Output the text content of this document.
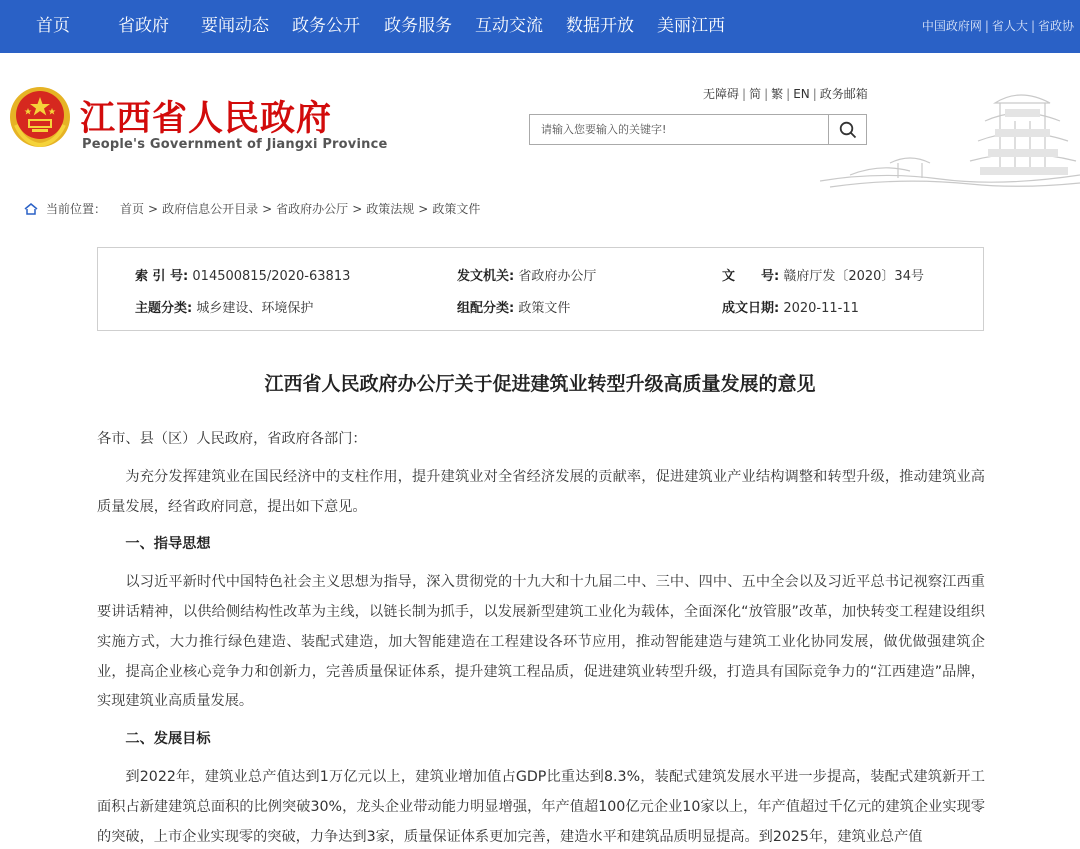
首页	省政府 要闻动态 政务公开 政务服务 互动交流 数据开放 美丽江西	中国政府网 | 省人大 | 省政协
江西省人民政府
People's Government of Jiangxi Province
无障碍 | 简 | 繁 | EN | 政务邮箱
请输入您要输入的关键字!
当前位置： 首页 > 政府信息公开目录 > 省政府办公厅 > 政策法规 > 政策文件
索 引 号: 014500815/2020-63813	发文机关: 省政府办公厅	文　　号: 赣府厅发〔2020〕34号
主题分类: 城乡建设、环境保护	组配分类: 政策文件	成文日期: 2020-11-11
江西省人民政府办公厅关于促进建筑业转型升级高质量发展的意见

各市、县（区）人民政府，省政府各部门：

为充分发挥建筑业在国民经济中的支柱作用，提升建筑业对全省经济发展的贡献率，促进建筑业产业结构调整和转型升级，推动建筑业高质量发展，经省政府同意，提出如下意见。

一、指导思想

以习近平新时代中国特色社会主义思想为指导，深入贯彻党的十九大和十九届二中、三中、四中、五中全会以及习近平总书记视察江西重要讲话精神，以供给侧结构性改革为主线，以链长制为抓手，以发展新型建筑工业化为载体，全面深化“放管服”改革，加快转变工程建设组织实施方式，大力推行绿色建造、装配式建造，加大智能建造在工程建设各环节应用，推动智能建造与建筑工业化协同发展，做优做强建筑企业，提高企业核心竞争力和创新力，完善质量保证体系，提升建筑工程品质，促进建筑业转型升级，打造具有国际竞争力的“江西建造”品牌，实现建筑业高质量发展。

二、发展目标

到2022年，建筑业总产值达到1万亿元以上，建筑业增加值占GDP比重达到8.3%，装配式建筑发展水平进一步提高，装配式建筑新开工面积占新建建筑总面积的比例突破30%，龙头企业带动能力明显增强，年产值超100亿元企业10家以上，年产值超过千亿元的建筑企业实现零的突破，上市企业实现零的突破，力争达到3家，质量保证体系更加完善，建造水平和建筑品质明显提高。到2025年，建筑业总产值
